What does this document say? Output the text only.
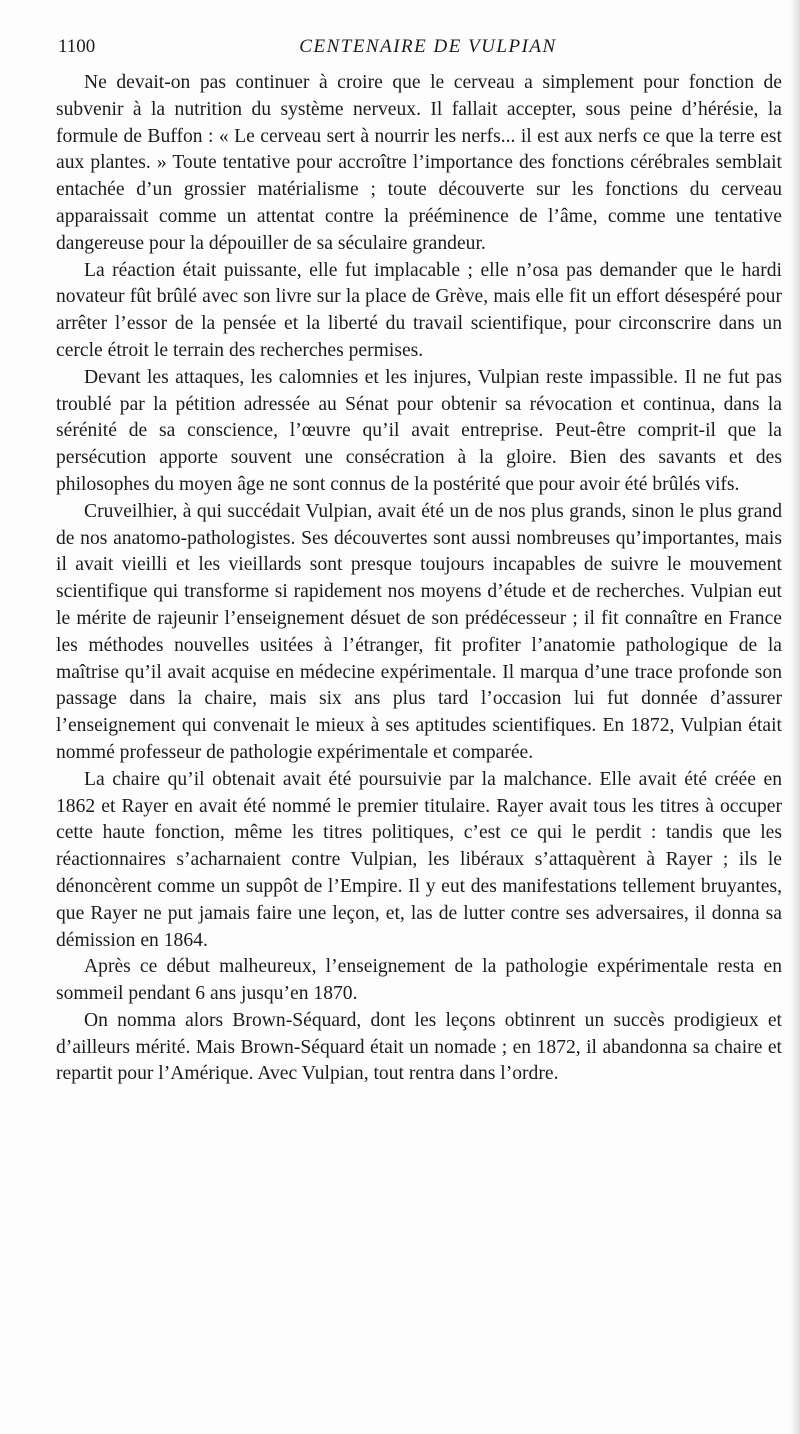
1100	CENTENAIRE DE VULPIAN

Ne devait-on pas continuer à croire que le cerveau a simplement pour fonction de subvenir à la nutrition du système nerveux. Il fallait accepter, sous peine d’hérésie, la formule de Buffon : « Le cerveau sert à nourrir les nerfs... il est aux nerfs ce que la terre est aux plantes. » Toute tentative pour accroître l’importance des fonctions cérébrales semblait entachée d’un grossier matérialisme ; toute découverte sur les fonctions du cerveau apparaissait comme un attentat contre la prééminence de l’âme, comme une tentative dangereuse pour la dépouiller de sa séculaire grandeur.

La réaction était puissante, elle fut implacable ; elle n’osa pas demander que le hardi novateur fût brûlé avec son livre sur la place de Grève, mais elle fit un effort désespéré pour arrêter l’essor de la pensée et la liberté du travail scientifique, pour circonscrire dans un cercle étroit le terrain des recherches permises.

Devant les attaques, les calomnies et les injures, Vulpian reste impassible. Il ne fut pas troublé par la pétition adressée au Sénat pour obtenir sa révocation et continua, dans la sérénité de sa conscience, l’œuvre qu’il avait entreprise. Peut-être comprit-il que la persécution apporte souvent une consécration à la gloire. Bien des savants et des philosophes du moyen âge ne sont connus de la postérité que pour avoir été brûlés vifs.

Cruveilhier, à qui succédait Vulpian, avait été un de nos plus grands, sinon le plus grand de nos anatomo-pathologistes. Ses découvertes sont aussi nombreuses qu’importantes, mais il avait vieilli et les vieillards sont presque toujours incapables de suivre le mouvement scientifique qui transforme si rapidement nos moyens d’étude et de recherches. Vulpian eut le mérite de rajeunir l’enseignement désuet de son prédécesseur ; il fit connaître en France les méthodes nouvelles usitées à l’étranger, fit profiter l’anatomie pathologique de la maîtrise qu’il avait acquise en médecine expérimentale. Il marqua d’une trace profonde son passage dans la chaire, mais six ans plus tard l’occasion lui fut donnée d’assurer l’enseignement qui convenait le mieux à ses aptitudes scientifiques. En 1872, Vulpian était nommé professeur de pathologie expérimentale et comparée.

La chaire qu’il obtenait avait été poursuivie par la malchance. Elle avait été créée en 1862 et Rayer en avait été nommé le premier titulaire. Rayer avait tous les titres à occuper cette haute fonction, même les titres politiques, c’est ce qui le perdit : tandis que les réactionnaires s’acharnaient contre Vulpian, les libéraux s’attaquèrent à Rayer ; ils le dénoncèrent comme un suppôt de l’Empire. Il y eut des manifestations tellement bruyantes, que Rayer ne put jamais faire une leçon, et, las de lutter contre ses adversaires, il donna sa démission en 1864.

Après ce début malheureux, l’enseignement de la pathologie expérimentale resta en sommeil pendant 6 ans jusqu’en 1870.

On nomma alors Brown-Séquard, dont les leçons obtinrent un succès prodigieux et d’ailleurs mérité. Mais Brown-Séquard était un nomade ; en 1872, il abandonna sa chaire et repartit pour l’Amérique. Avec Vulpian, tout rentra dans l’ordre.
